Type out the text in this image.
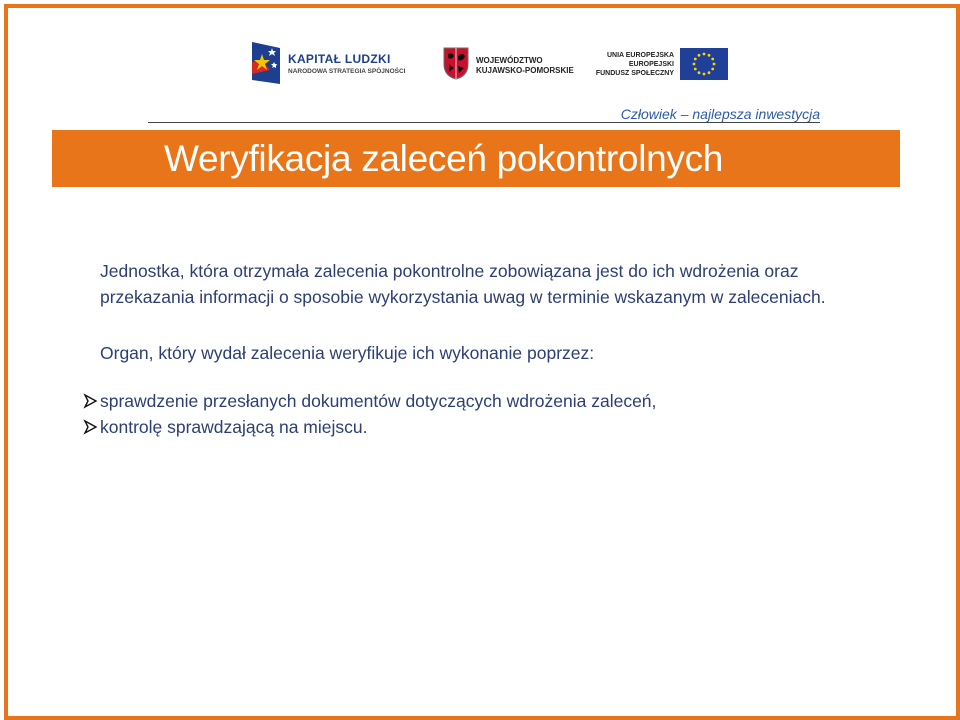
KAPITAŁ LUDZKI
NARODOWA STRATEGIA SPÓJNOŚCI
WOJEWÓDZTWO
KUJAWSKO-POMORSKIE
UNIA EUROPEJSKA
EUROPEJSKI
FUNDUSZ SPOŁECZNY
Człowiek – najlepsza inwestycja
Weryfikacja zaleceń pokontrolnych

Jednostka, która otrzymała zalecenia pokontrolne zobowiązana jest do ich wdrożenia oraz przekazania informacji o sposobie wykorzystania uwag w terminie wskazanym w zaleceniach.

Organ, który wydał zalecenia weryfikuje ich wykonanie poprzez:

sprawdzenie przesłanych dokumentów dotyczących wdrożenia zaleceń,
kontrolę sprawdzającą na miejscu.
